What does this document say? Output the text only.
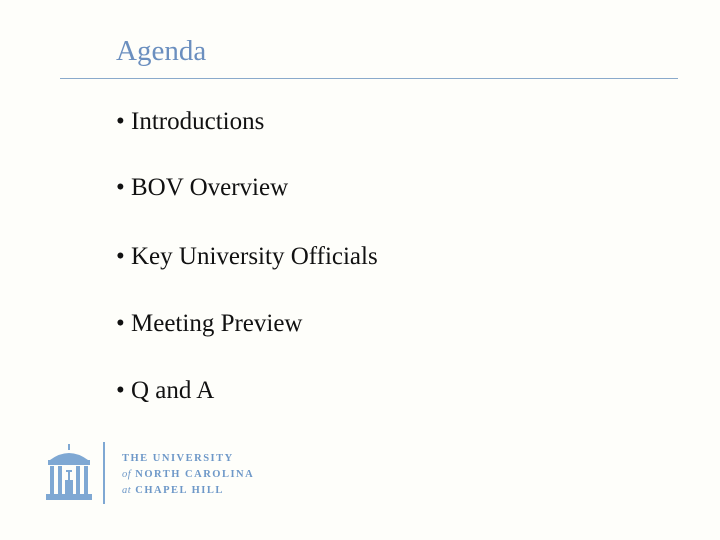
Agenda
• Introductions
• BOV Overview
• Key University Officials
• Meeting Preview
• Q and A
THE UNIVERSITY
of NORTH CAROLINA
at CHAPEL HILL
